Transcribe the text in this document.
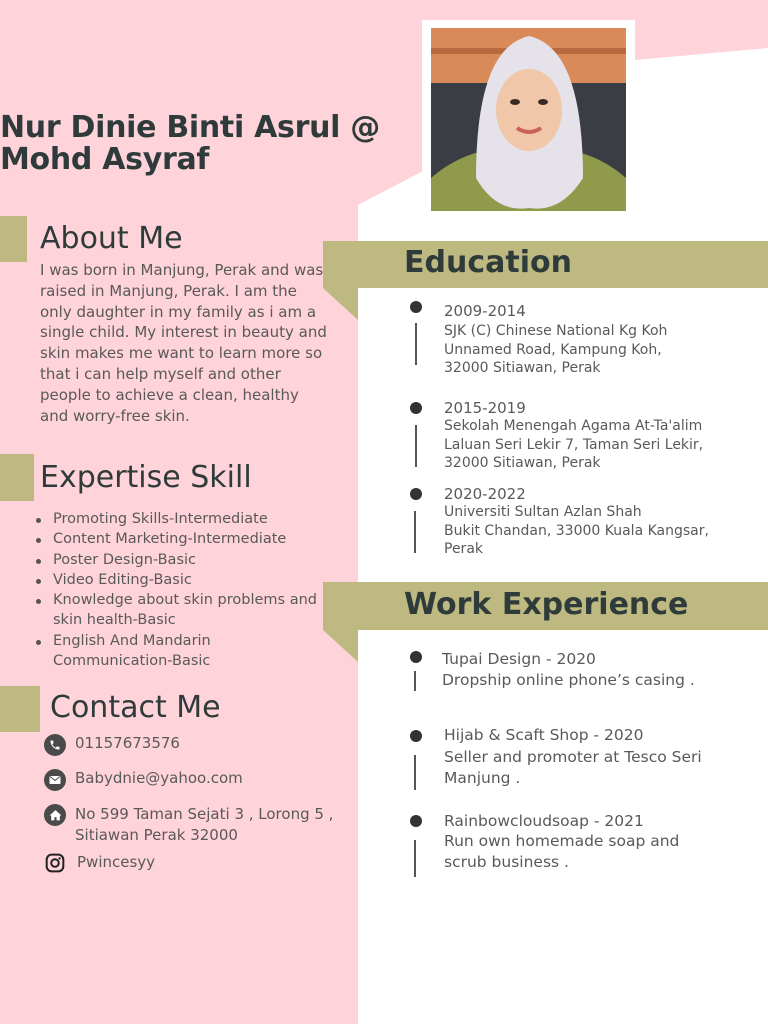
Nur Dinie Binti Asrul @
Mohd Asyraf
About Me
I was born in Manjung, Perak and was raised in Manjung, Perak. I am the only daughter in my family as i am a single child. My interest in beauty and skin makes me want to learn more so that i can help myself and other people to achieve a clean, healthy and worry-free skin.
Expertise Skill
Promoting Skills-Intermediate
Content Marketing-Intermediate
Poster Design-Basic
Video Editing-Basic
Knowledge about skin problems and skin health-Basic
English And Mandarin Communication-Basic
Contact Me
01157673576
Babydnie@yahoo.com
No 599 Taman Sejati 3 , Lorong 5 ,
Sitiawan Perak 32000
Pwincesyy
Education
2009-2014
SJK (C) Chinese National Kg Koh
Unnamed Road, Kampung Koh,
32000 Sitiawan, Perak
2015-2019
Sekolah Menengah Agama At-Ta'alim
Laluan Seri Lekir 7, Taman Seri Lekir,
32000 Sitiawan, Perak
2020-2022
Universiti Sultan Azlan Shah
Bukit Chandan, 33000 Kuala Kangsar,
Perak
Work Experience
Tupai Design - 2020
Dropship online phone’s casing .
Hijab & Scaft Shop - 2020
Seller and promoter at Tesco Seri
Manjung .
Rainbowcloudsoap - 2021
Run own homemade soap and
scrub business .
